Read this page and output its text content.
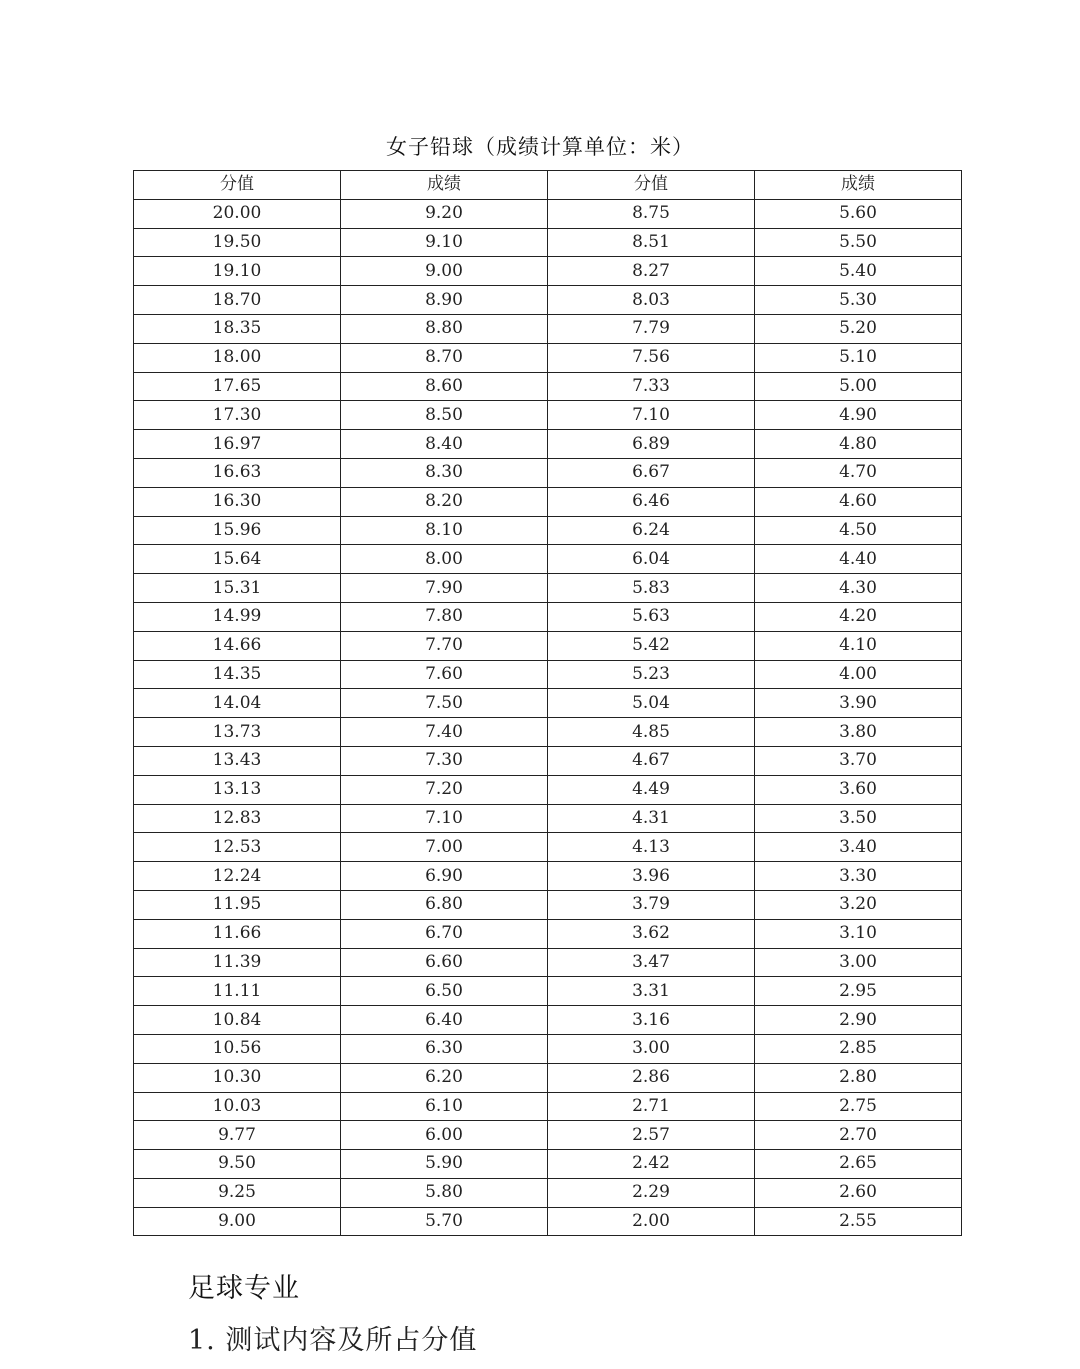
女子铅球（成绩计算单位：米）
分值	成绩	分值	成绩
20.00	9.20	8.75	5.60
19.50	9.10	8.51	5.50
19.10	9.00	8.27	5.40
18.70	8.90	8.03	5.30
18.35	8.80	7.79	5.20
18.00	8.70	7.56	5.10
17.65	8.60	7.33	5.00
17.30	8.50	7.10	4.90
16.97	8.40	6.89	4.80
16.63	8.30	6.67	4.70
16.30	8.20	6.46	4.60
15.96	8.10	6.24	4.50
15.64	8.00	6.04	4.40
15.31	7.90	5.83	4.30
14.99	7.80	5.63	4.20
14.66	7.70	5.42	4.10
14.35	7.60	5.23	4.00
14.04	7.50	5.04	3.90
13.73	7.40	4.85	3.80
13.43	7.30	4.67	3.70
13.13	7.20	4.49	3.60
12.83	7.10	4.31	3.50
12.53	7.00	4.13	3.40
12.24	6.90	3.96	3.30
11.95	6.80	3.79	3.20
11.66	6.70	3.62	3.10
11.39	6.60	3.47	3.00
11.11	6.50	3.31	2.95
10.84	6.40	3.16	2.90
10.56	6.30	3.00	2.85
10.30	6.20	2.86	2.80
10.03	6.10	2.71	2.75
9.77	6.00	2.57	2.70
9.50	5.90	2.42	2.65
9.25	5.80	2.29	2.60
9.00	5.70	2.00	2.55
足球专业
1. 测试内容及所占分值
